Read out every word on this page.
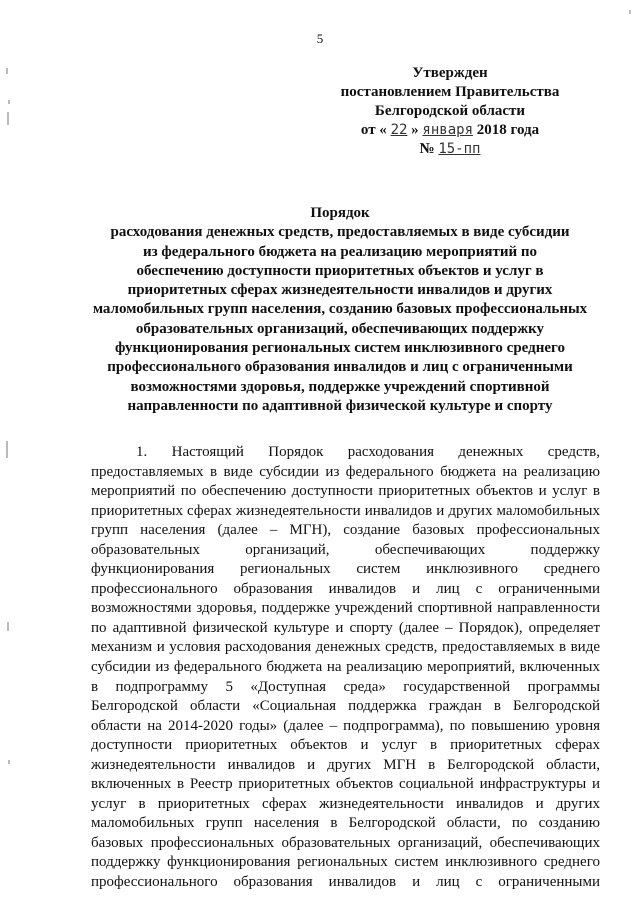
5
Утвержден
постановлением Правительства
Белгородской области
от « 22 » января 2018 года
№ 15-пп
Порядок
расходования денежных средств, предоставляемых в виде субсидии
из федерального бюджета на реализацию мероприятий по
обеспечению доступности приоритетных объектов и услуг в
приоритетных сферах жизнедеятельности инвалидов и других
маломобильных групп населения, созданию базовых профессиональных
образовательных организаций, обеспечивающих поддержку
функционирования региональных систем инклюзивного среднего
профессионального образования инвалидов и лиц с ограниченными
возможностями здоровья, поддержке учреждений спортивной
направленности по адаптивной физической культуре и спорту
1. Настоящий Порядок расходования денежных средств,
предоставляемых в виде субсидии из федерального бюджета на реализацию
мероприятий по обеспечению доступности приоритетных объектов и услуг в
приоритетных сферах жизнедеятельности инвалидов и других маломобильных
групп населения (далее – МГН), создание базовых профессиональных
образовательных организаций, обеспечивающих поддержку
функционирования региональных систем инклюзивного среднего
профессионального образования инвалидов и лиц с ограниченными
возможностями здоровья, поддержке учреждений спортивной направленности
по адаптивной физической культуре и спорту (далее – Порядок), определяет
механизм и условия расходования денежных средств, предоставляемых в виде
субсидии из федерального бюджета на реализацию мероприятий, включенных
в подпрограмму 5 «Доступная среда» государственной программы
Белгородской области «Социальная поддержка граждан в Белгородской
области на 2014-2020 годы» (далее – подпрограмма), по повышению уровня
доступности приоритетных объектов и услуг в приоритетных сферах
жизнедеятельности инвалидов и других МГН в Белгородской области,
включенных в Реестр приоритетных объектов социальной инфраструктуры и
услуг в приоритетных сферах жизнедеятельности инвалидов и других
маломобильных групп населения в Белгородской области, по созданию
базовых профессиональных образовательных организаций, обеспечивающих
поддержку функционирования региональных систем инклюзивного среднего
профессионального образования инвалидов и лиц с ограниченными
